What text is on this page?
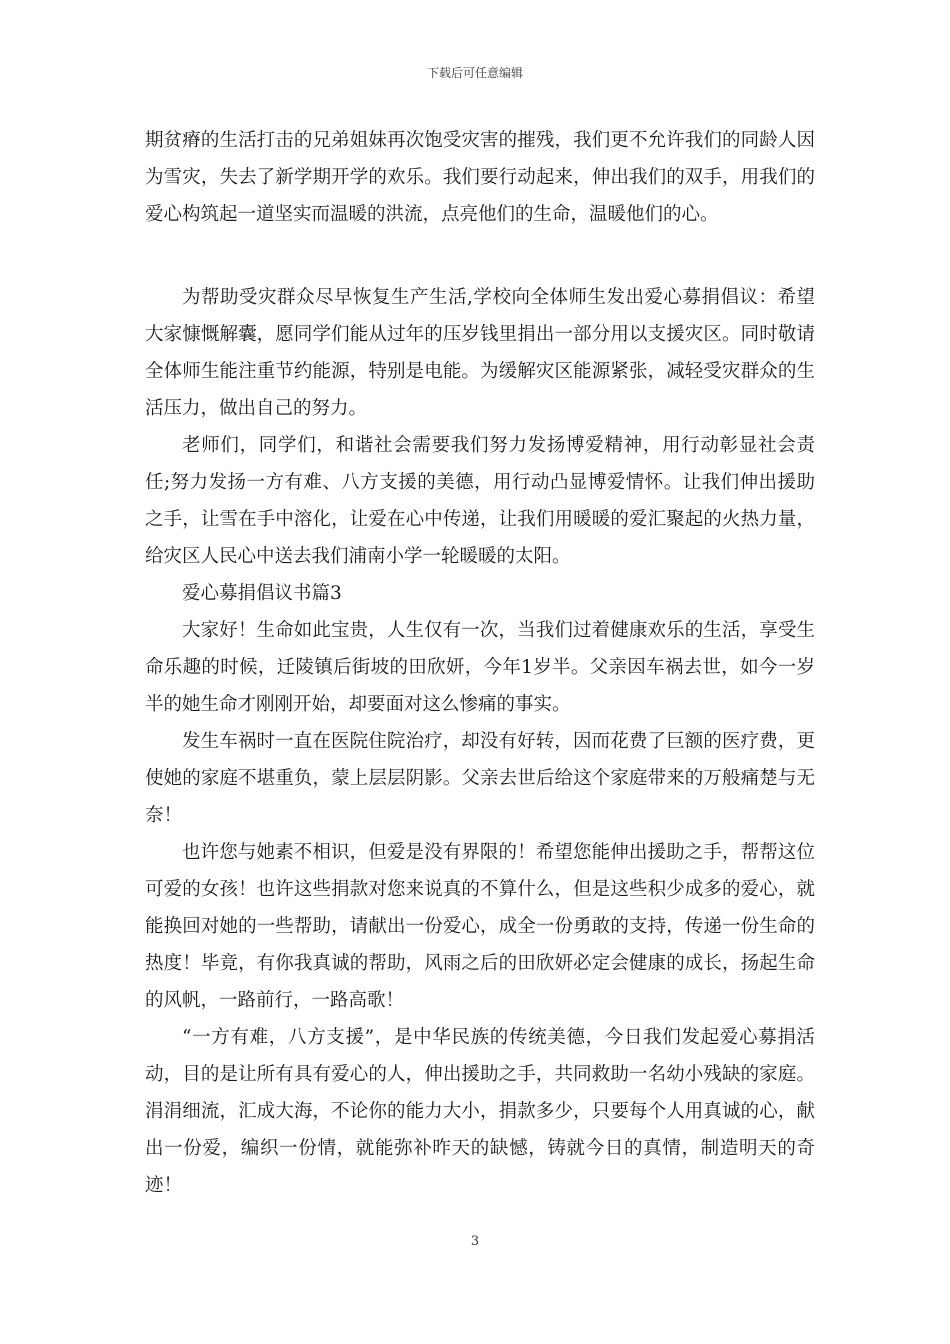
下载后可任意编辑

期贫瘠的生活打击的兄弟姐妹再次饱受灾害的摧残，我们更不允许我们的同龄人因为雪灾，失去了新学期开学的欢乐。我们要行动起来，伸出我们的双手，用我们的爱心构筑起一道坚实而温暖的洪流，点亮他们的生命，温暖他们的心。

为帮助受灾群众尽早恢复生产生活,学校向全体师生发出爱心募捐倡议：希望大家慷慨解囊，愿同学们能从过年的压岁钱里捐出一部分用以支援灾区。同时敬请全体师生能注重节约能源，特别是电能。为缓解灾区能源紧张，减轻受灾群众的生活压力，做出自己的努力。

老师们，同学们，和谐社会需要我们努力发扬博爱精神，用行动彰显社会责任;努力发扬一方有难、八方支援的美德，用行动凸显博爱情怀。让我们伸出援助之手，让雪在手中溶化，让爱在心中传递，让我们用暖暖的爱汇聚起的火热力量，给灾区人民心中送去我们浦南小学一轮暖暖的太阳。

爱心募捐倡议书篇3

大家好！生命如此宝贵，人生仅有一次，当我们过着健康欢乐的生活，享受生命乐趣的时候，迁陵镇后街坡的田欣妍，今年1岁半。父亲因车祸去世，如今一岁半的她生命才刚刚开始，却要面对这么惨痛的事实。

发生车祸时一直在医院住院治疗，却没有好转，因而花费了巨额的医疗费，更使她的家庭不堪重负，蒙上层层阴影。父亲去世后给这个家庭带来的万般痛楚与无奈！

也许您与她素不相识，但爱是没有界限的！希望您能伸出援助之手，帮帮这位可爱的女孩！也许这些捐款对您来说真的不算什么，但是这些积少成多的爱心，就能换回对她的一些帮助，请献出一份爱心，成全一份勇敢的支持，传递一份生命的热度！毕竟，有你我真诚的帮助，风雨之后的田欣妍必定会健康的成长，扬起生命的风帆，一路前行，一路高歌！

“一方有难，八方支援”，是中华民族的传统美德，今日我们发起爱心募捐活动，目的是让所有具有爱心的人，伸出援助之手，共同救助一名幼小残缺的家庭。涓涓细流，汇成大海，不论你的能力大小，捐款多少，只要每个人用真诚的心，献出一份爱，编织一份情，就能弥补昨天的缺憾，铸就今日的真情，制造明天的奇迹！

3
